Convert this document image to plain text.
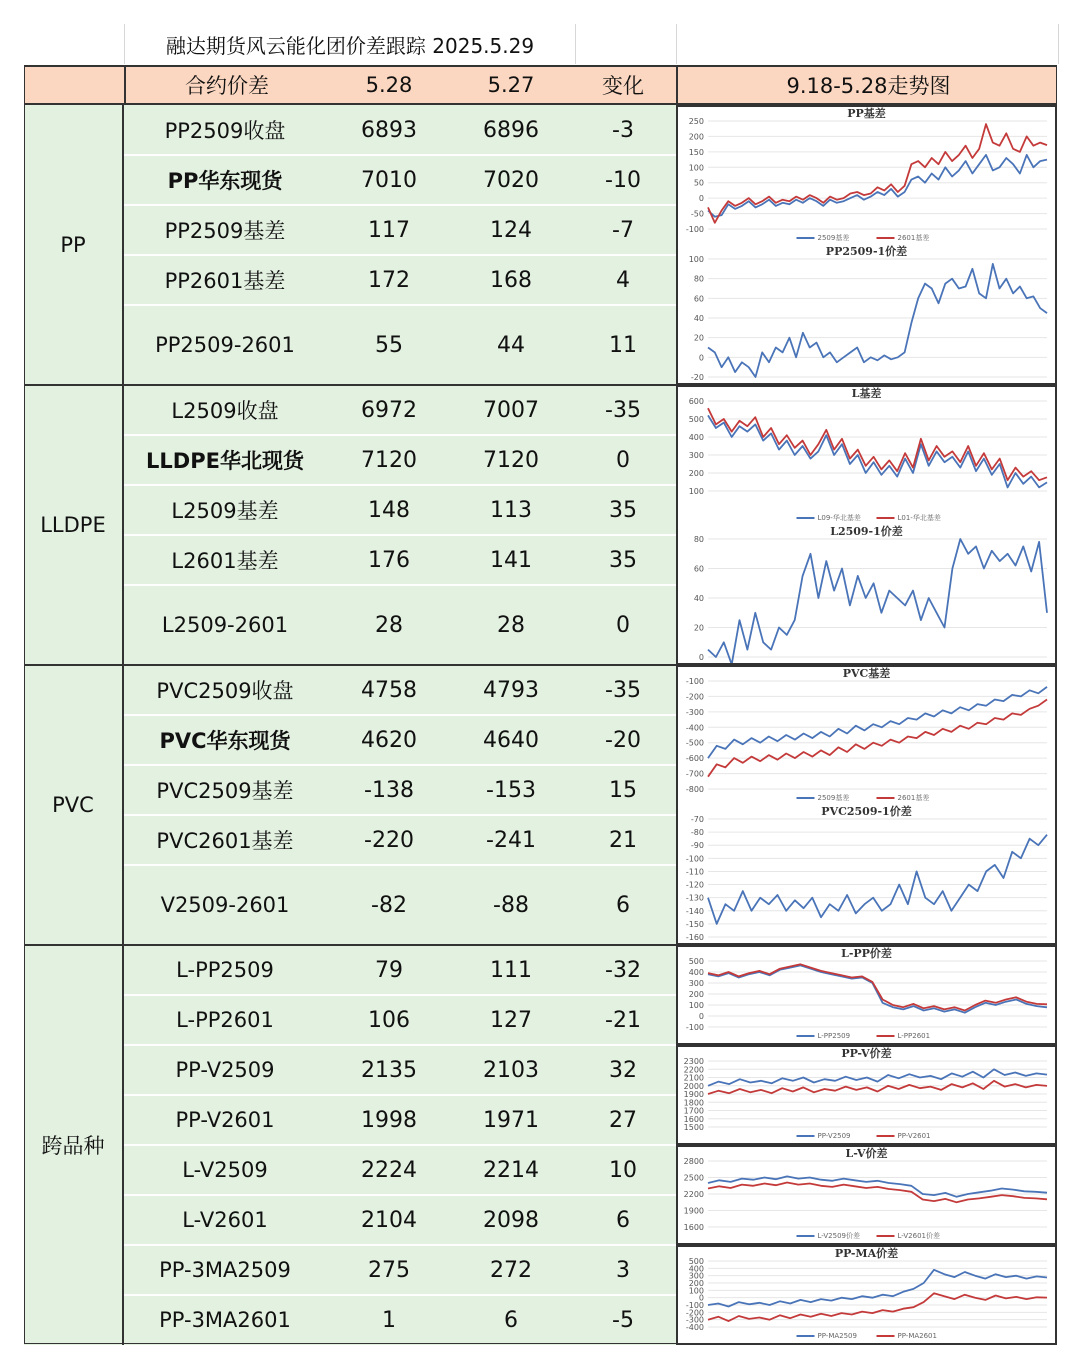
融达期货风云能化团价差跟踪 2025.5.29
合约价差	5.28	5.27	变化	9.18-5.28走势图
PP
PP2509收盘	6893	6896	-3
PP华东现货	7010	7020	-10
PP2509基差	117	124	-7
PP2601基差	172	168	4
PP2509-2601	55	44	11
LLDPE
L2509收盘	6972	7007	-35
LLDPE华北现货	7120	7120	0
L2509基差	148	113	35
L2601基差	176	141	35
L2509-2601	28	28	0
PVC
PVC2509收盘	4758	4793	-35
PVC华东现货	4620	4640	-20
PVC2509基差	-138	-153	15
PVC2601基差	-220	-241	21
V2509-2601	-82	-88	6
跨品种
L-PP2509	79	111	-32
L-PP2601	106	127	-21
PP-V2509	2135	2103	32
PP-V2601	1998	1971	27
L-V2509	2224	2214	10
L-V2601	2104	2098	6
PP-3MA2509	275	272	3
PP-3MA2601	1	6	-5
PP基差
250
200
150
100
50
0
-50
-100
2509基差	2601基差
PP2509-1价差
100
80
60
40
20
0
-20
L基差
600
500
400
300
200
100
L09-华北基差	L01-华北基差
L2509-1价差
80
60
40
20
0
PVC基差
-100
-200
-300
-400
-500
-600
-700
-800
2509基差	2601基差
PVC2509-1价差
-70
-80
-90
-100
-110
-120
-130
-140
-150
-160
L-PP价差
500
400
300
200
100
0
-100
L-PP2509	L-PP2601
PP-V价差
2300
2200
2100
2000
1900
1800
1700
1600
1500
PP-V2509	PP-V2601
L-V价差
2800
2500
2200
1900
1600
L-V2509价差	L-V2601价差
PP-MA价差
500
400
300
200
100
0
-100
-200
-300
-400
PP-MA2509	PP-MA2601
